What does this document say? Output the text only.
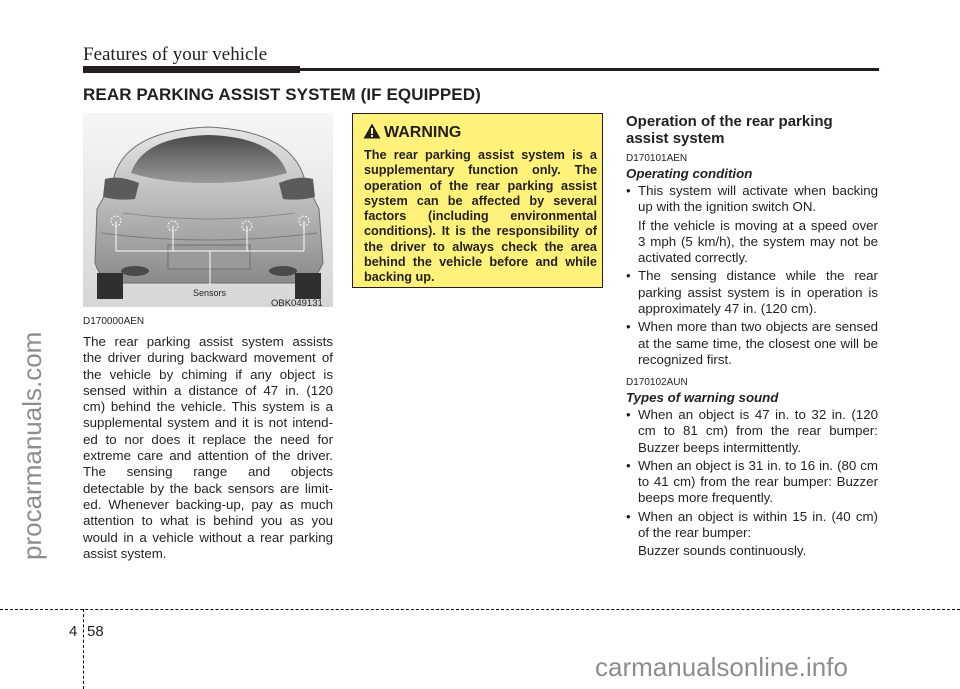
Features of your vehicle
REAR PARKING ASSIST SYSTEM (IF EQUIPPED)
Sensors
OBK049131
D170000AEN
The rear parking assist system assists
the driver during backward movement of
the vehicle by chiming if any object is
sensed within a distance of 47 in. (120
cm) behind the vehicle. This system is a
supplemental system and it is not intend-
ed to nor does it replace the need for
extreme care and attention of the driver.
The sensing range and objects
detectable by the back sensors are limit-
ed. Whenever backing-up, pay as much
attention to what is behind you as you
would in a vehicle without a rear parking
assist system.
WARNING
The rear parking assist system is a supplementary function only. The operation of the rear parking assist system can be affected by several factors (including environmental conditions). It is the responsibility of the driver to always check the area behind the vehicle before and while backing up.
Operation of the rear parking
assist system
D170101AEN
Operating condition
• This system will activate when backing up with the ignition switch ON.
If the vehicle is moving at a speed over 3 mph (5 km/h), the system may not be activated correctly.
• The sensing distance while the rear parking assist system is in operation is approximately 47 in. (120 cm).
• When more than two objects are sensed at the same time, the closest one will be recognized first.
D170102AUN
Types of warning sound
• When an object is 47 in. to 32 in. (120 cm to 81 cm) from the rear bumper: Buzzer beeps intermittently.
• When an object is 31 in. to 16 in. (80 cm to 41 cm) from the rear bumper: Buzzer beeps more frequently.
• When an object is within 15 in. (40 cm) of the rear bumper:
Buzzer sounds continuously.
4 58
procarmanuals.com
carmanualsonline.info
